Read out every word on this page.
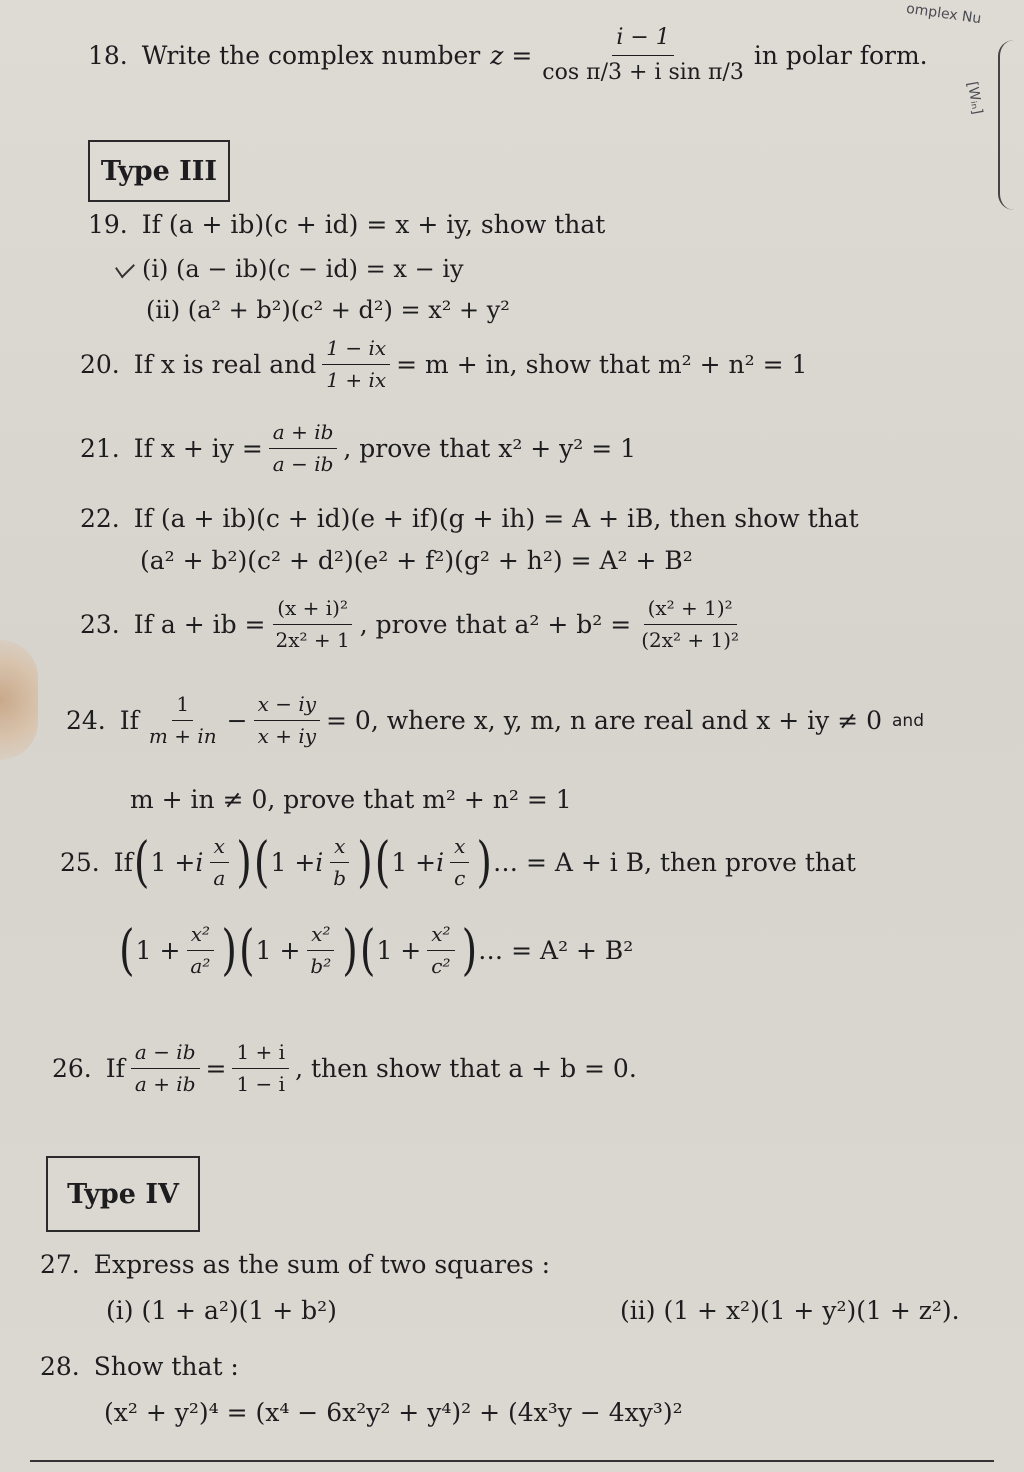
omplex Nu
[Wᵢₙ]
18. Write the complex number $z = \frac{i - 1}{\text{cos π/3 + i sin π/3}}$ in polar form.
Type III
19. If (a + ib)(c + id) = x + iy, show that
(i) (a − ib)(c − id) = x − iy
(ii) (a² + b²)(c² + d²) = x² + y²
20. If x is real and $\frac{1 - ix}{1 + ix} = m$ + in, show that m² + n² = 1
21. If x + iy = $\frac{a + ib}{a - ib}$ , prove that x² + y² = 1
22. If (a + ib)(c + id)(e + if)(g + ih) = A + iB, then show that
(a² + b²)(c² + d²)(e² + f²)(g² + h²) = A² + B²
23. If a + ib = $\frac{\text{(x + i)²}}{\text{2x² + 1}}$ , prove that $a^2 + b^2 = \frac{\text{(x² + 1)²}}{\text{(2x² + 1)²}}$
24. If $\frac{1}{m + in} - \frac{x - iy}{x + iy} = 0$, where x, y, m, n are real and x + iy ≠ 0 and
m + in ≠ 0, prove that m² + n² = 1
25. If ( 1 + i $\frac{x}{a}$ ) ( 1 + i $\frac{x}{b}$ ) ( 1 + i $\frac{x}{c}$ ) … = A + i B, then prove that
( $1 + \frac{\text{x²}}{\text{a²}}$ ) ( $1 + \frac{\text{x²}}{\text{b²}}$ ) ( $1 + \frac{\text{x²}}{\text{c²}}$ ) … = A² + B²
26. If $\frac{a - ib}{a + ib} = \frac{1 + i}{1 - i}$ , then show that a + b = 0.
Type IV
27. Express as the sum of two squares :
(i) (1 + a²)(1 + b²)	(ii) (1 + x²)(1 + y²)(1 + z²).
28. Show that :
(x² + y²)⁴ = (x⁴ − 6x²y² + y⁴)² + (4x³y − 4xy³)²
